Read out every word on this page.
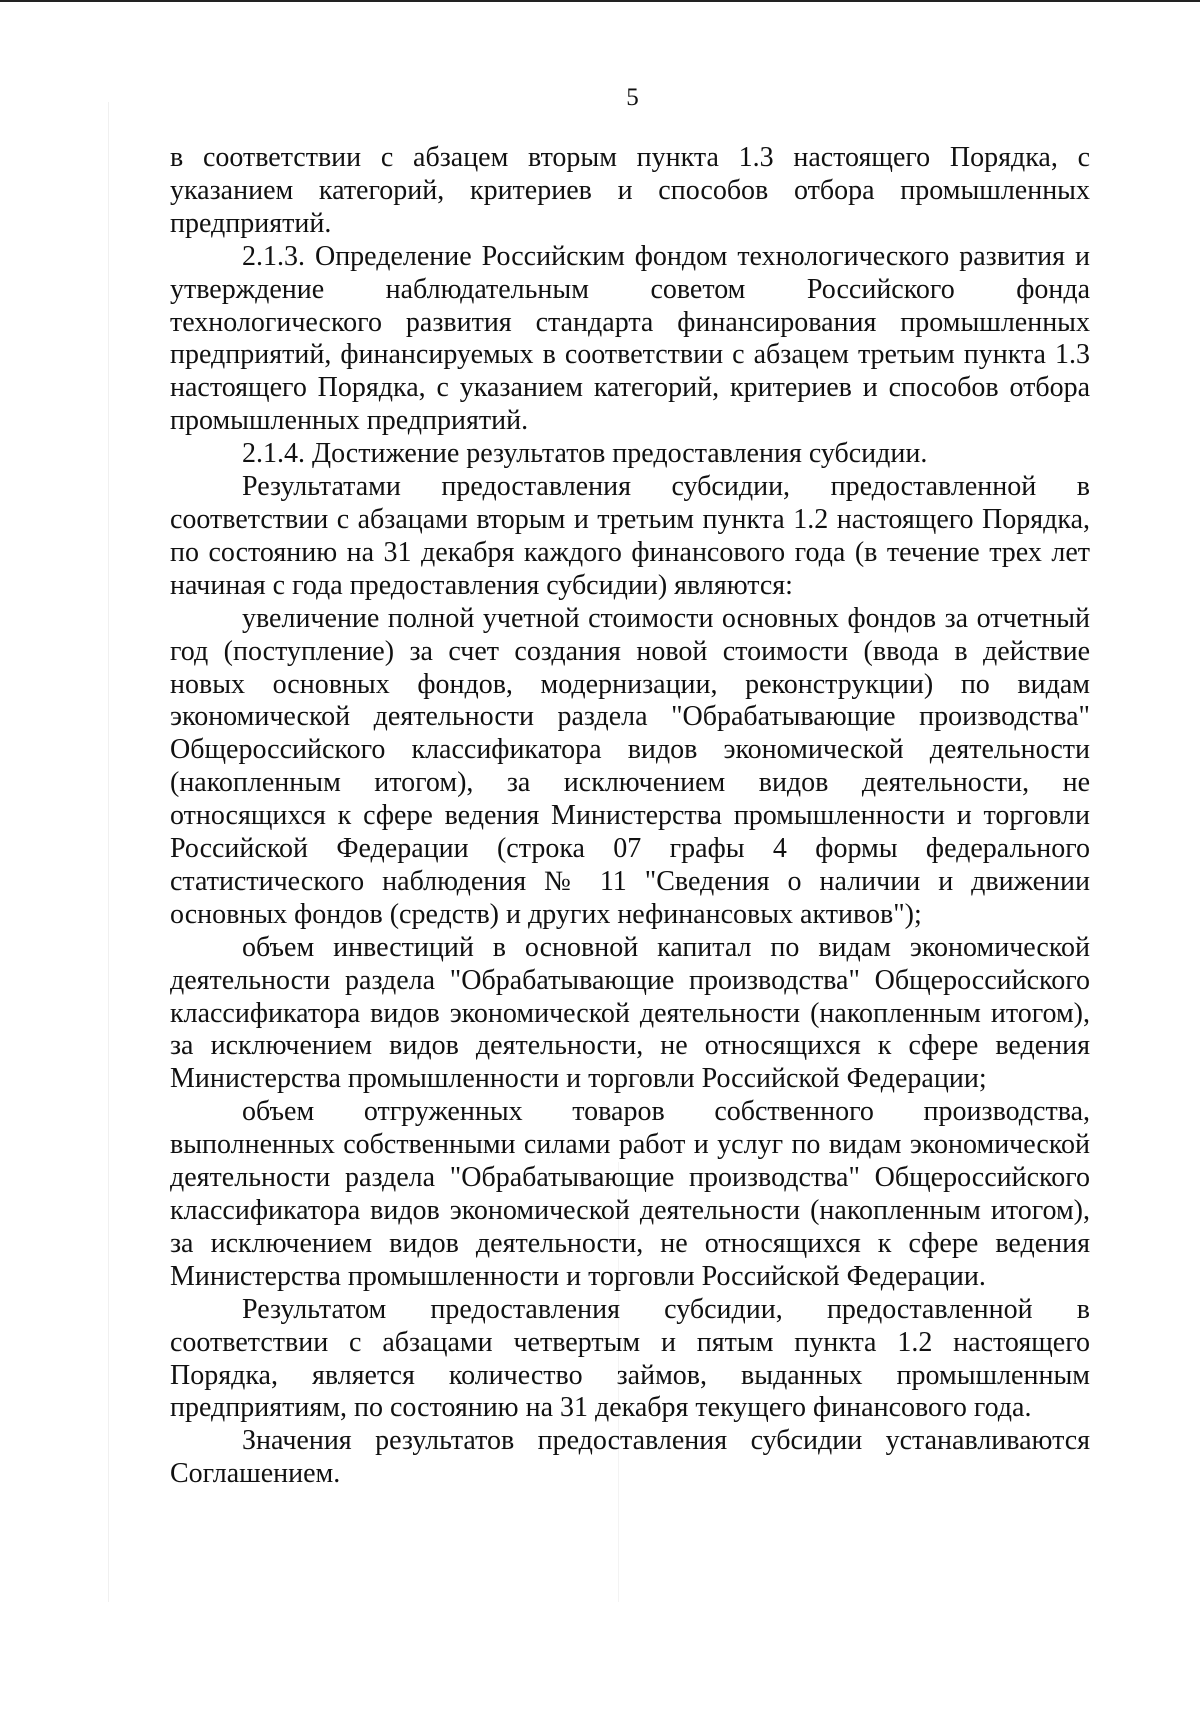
5

в соответствии с абзацем вторым пункта 1.3 настоящего Порядка, с указанием категорий, критериев и способов отбора промышленных предприятий.

2.1.3. Определение Российским фондом технологического развития и утверждение наблюдательным советом Российского фонда технологического развития стандарта финансирования промышленных предприятий, финансируемых в соответствии с абзацем третьим пункта 1.3 настоящего Порядка, с указанием категорий, критериев и способов отбора промышленных предприятий.

2.1.4. Достижение результатов предоставления субсидии.

Результатами предоставления субсидии, предоставленной в соответствии с абзацами вторым и третьим пункта 1.2 настоящего Порядка, по состоянию на 31 декабря каждого финансового года (в течение трех лет начиная с года предоставления субсидии) являются:

увеличение полной учетной стоимости основных фондов за отчетный год (поступление) за счет создания новой стоимости (ввода в действие новых основных фондов, модернизации, реконструкции) по видам экономической деятельности раздела "Обрабатывающие производства" Общероссийского классификатора видов экономической деятельности (накопленным итогом), за исключением видов деятельности, не относящихся к сфере ведения Министерства промышленности и торговли Российской Федерации (строка 07 графы 4 формы федерального статистического наблюдения № 11 "Сведения о наличии и движении основных фондов (средств) и других нефинансовых активов");

объем инвестиций в основной капитал по видам экономической деятельности раздела "Обрабатывающие производства" Общероссийского классификатора видов экономической деятельности (накопленным итогом), за исключением видов деятельности, не относящихся к сфере ведения Министерства промышленности и торговли Российской Федерации;

объем отгруженных товаров собственного производства, выполненных собственными силами работ и услуг по видам экономической деятельности раздела "Обрабатывающие производства" Общероссийского классификатора видов экономической деятельности (накопленным итогом), за исключением видов деятельности, не относящихся к сфере ведения Министерства промышленности и торговли Российской Федерации.

Результатом предоставления субсидии, предоставленной в соответствии с абзацами четвертым и пятым пункта 1.2 настоящего Порядка, является количество займов, выданных промышленным предприятиям, по состоянию на 31 декабря текущего финансового года.

Значения результатов предоставления субсидии устанавливаются Соглашением.
